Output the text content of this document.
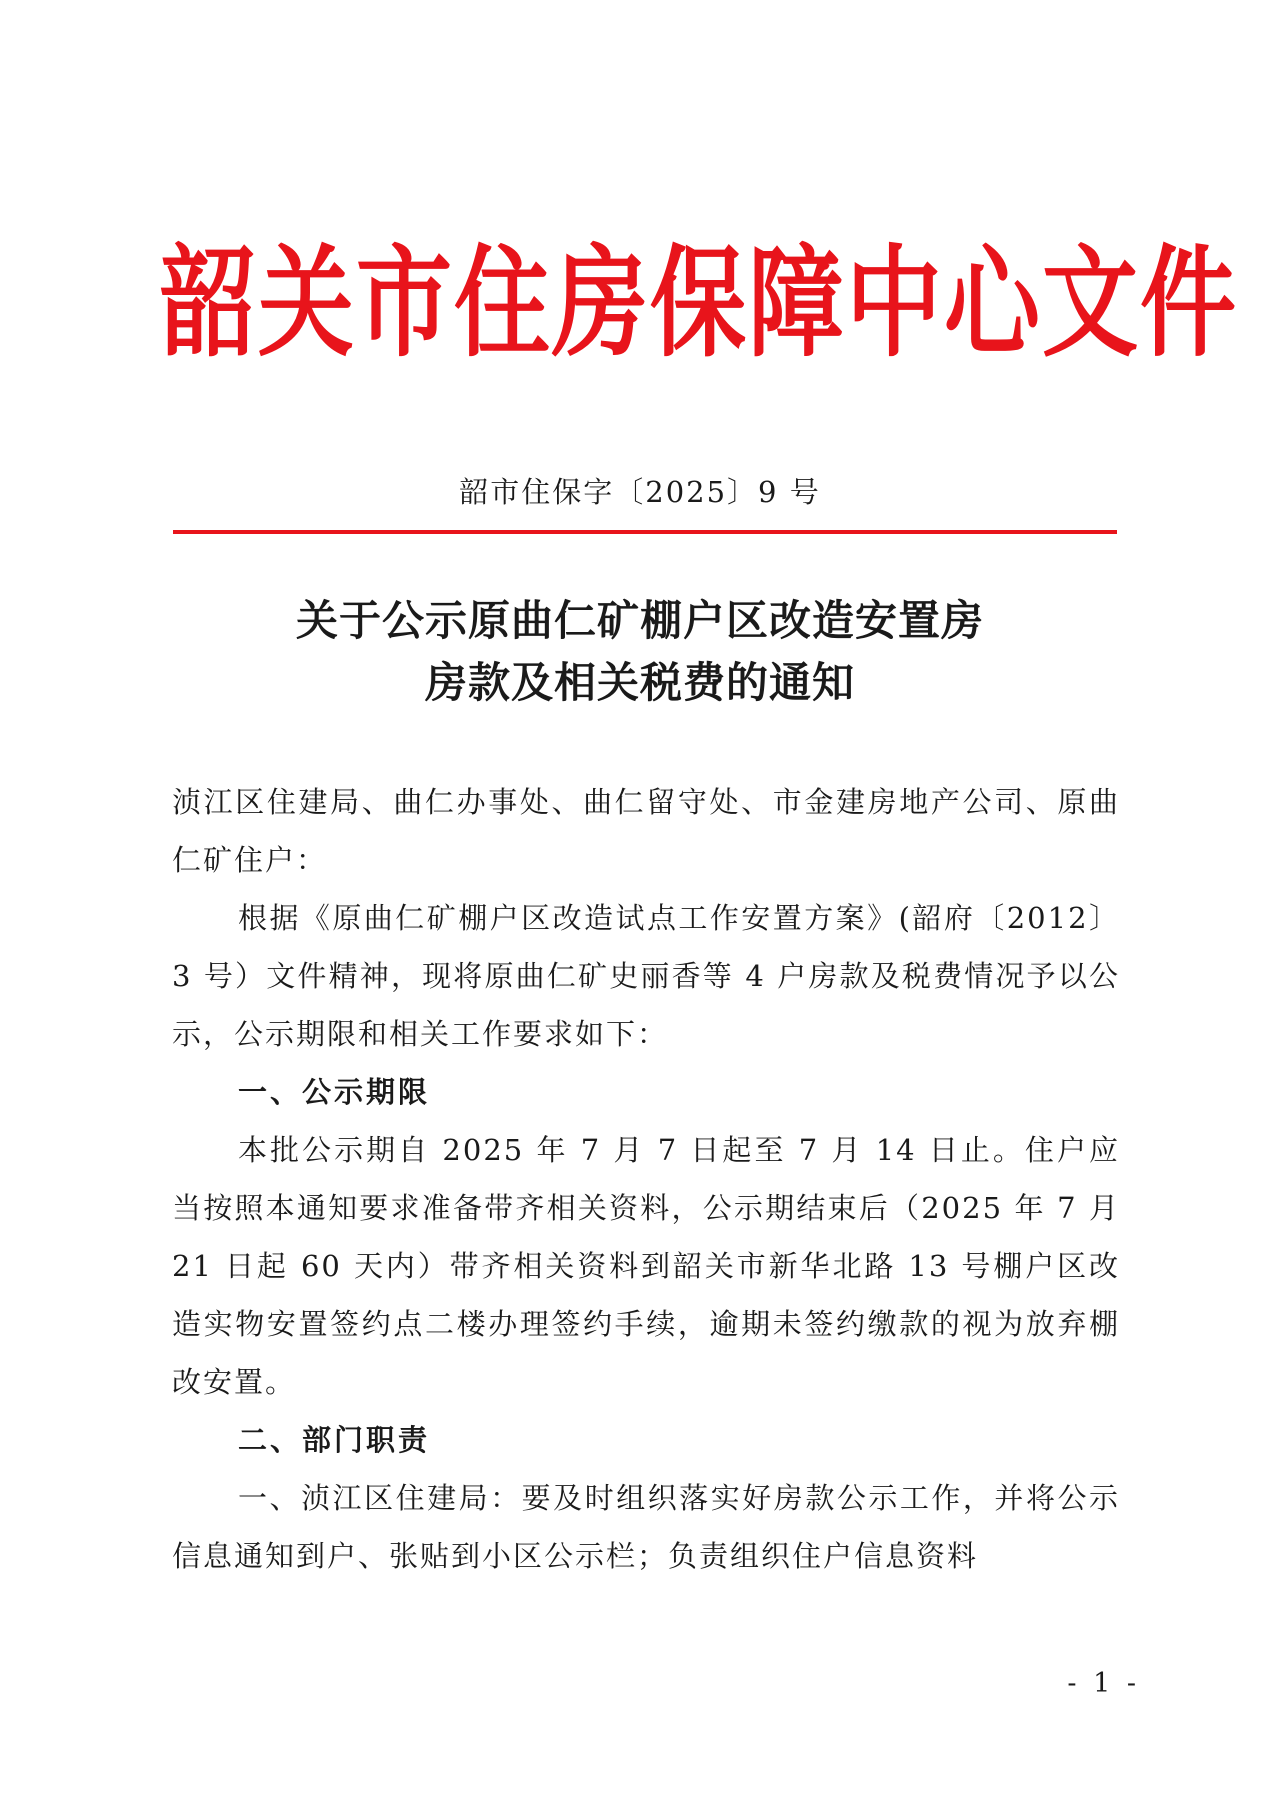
韶关市住房保障中心文件
韶市住保字〔2025〕9 号
关于公示原曲仁矿棚户区改造安置房
房款及相关税费的通知

浈江区住建局、曲仁办事处、曲仁留守处、市金建房地产公司、原曲仁矿住户：

根据《原曲仁矿棚户区改造试点工作安置方案》(韶府〔2012〕3 号）文件精神，现将原曲仁矿史丽香等 4 户房款及税费情况予以公示，公示期限和相关工作要求如下：

一、公示期限

本批公示期自 2025 年 7 月 7 日起至 7 月 14 日止。住户应当按照本通知要求准备带齐相关资料，公示期结束后（2025 年 7 月 21 日起 60 天内）带齐相关资料到韶关市新华北路 13 号棚户区改造实物安置签约点二楼办理签约手续，逾期未签约缴款的视为放弃棚改安置。

二、部门职责

一、浈江区住建局：要及时组织落实好房款公示工作，并将公示信息通知到户、张贴到小区公示栏；负责组织住户信息资料

- 1 -
